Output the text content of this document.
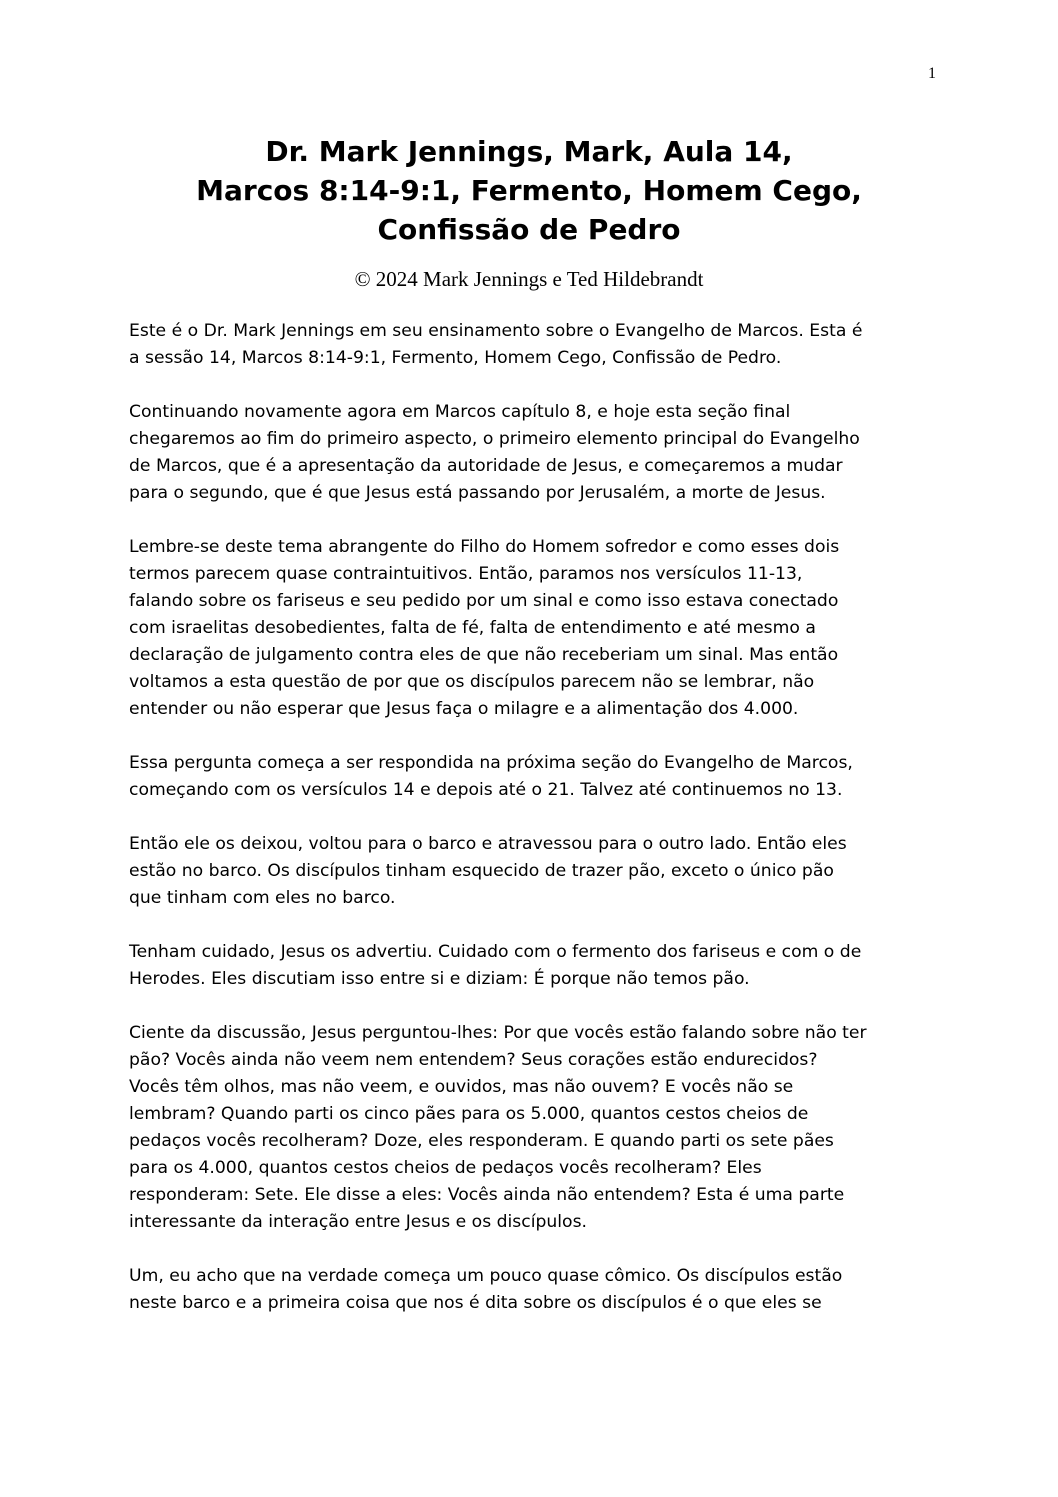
1
Dr. Mark Jennings, Mark, Aula 14,
Marcos 8:14-9:1, Fermento, Homem Cego,
Confissão de Pedro
© 2024 Mark Jennings e Ted Hildebrandt

Este é o Dr. Mark Jennings em seu ensinamento sobre o Evangelho de Marcos. Esta é
a sessão 14, Marcos 8:14-9:1, Fermento, Homem Cego, Confissão de Pedro.

Continuando novamente agora em Marcos capítulo 8, e hoje esta seção final
chegaremos ao fim do primeiro aspecto, o primeiro elemento principal do Evangelho
de Marcos, que é a apresentação da autoridade de Jesus, e começaremos a mudar
para o segundo, que é que Jesus está passando por Jerusalém, a morte de Jesus.

Lembre-se deste tema abrangente do Filho do Homem sofredor e como esses dois
termos parecem quase contraintuitivos. Então, paramos nos versículos 11-13,
falando sobre os fariseus e seu pedido por um sinal e como isso estava conectado
com israelitas desobedientes, falta de fé, falta de entendimento e até mesmo a
declaração de julgamento contra eles de que não receberiam um sinal. Mas então
voltamos a esta questão de por que os discípulos parecem não se lembrar, não
entender ou não esperar que Jesus faça o milagre e a alimentação dos 4.000.

Essa pergunta começa a ser respondida na próxima seção do Evangelho de Marcos,
começando com os versículos 14 e depois até o 21. Talvez até continuemos no 13.

Então ele os deixou, voltou para o barco e atravessou para o outro lado. Então eles
estão no barco. Os discípulos tinham esquecido de trazer pão, exceto o único pão
que tinham com eles no barco.

Tenham cuidado, Jesus os advertiu. Cuidado com o fermento dos fariseus e com o de
Herodes. Eles discutiam isso entre si e diziam: É porque não temos pão.

Ciente da discussão, Jesus perguntou-lhes: Por que vocês estão falando sobre não ter
pão? Vocês ainda não veem nem entendem? Seus corações estão endurecidos?
Vocês têm olhos, mas não veem, e ouvidos, mas não ouvem? E vocês não se
lembram? Quando parti os cinco pães para os 5.000, quantos cestos cheios de
pedaços vocês recolheram? Doze, eles responderam. E quando parti os sete pães
para os 4.000, quantos cestos cheios de pedaços vocês recolheram? Eles
responderam: Sete. Ele disse a eles: Vocês ainda não entendem? Esta é uma parte
interessante da interação entre Jesus e os discípulos.

Um, eu acho que na verdade começa um pouco quase cômico. Os discípulos estão
neste barco e a primeira coisa que nos é dita sobre os discípulos é o que eles se
